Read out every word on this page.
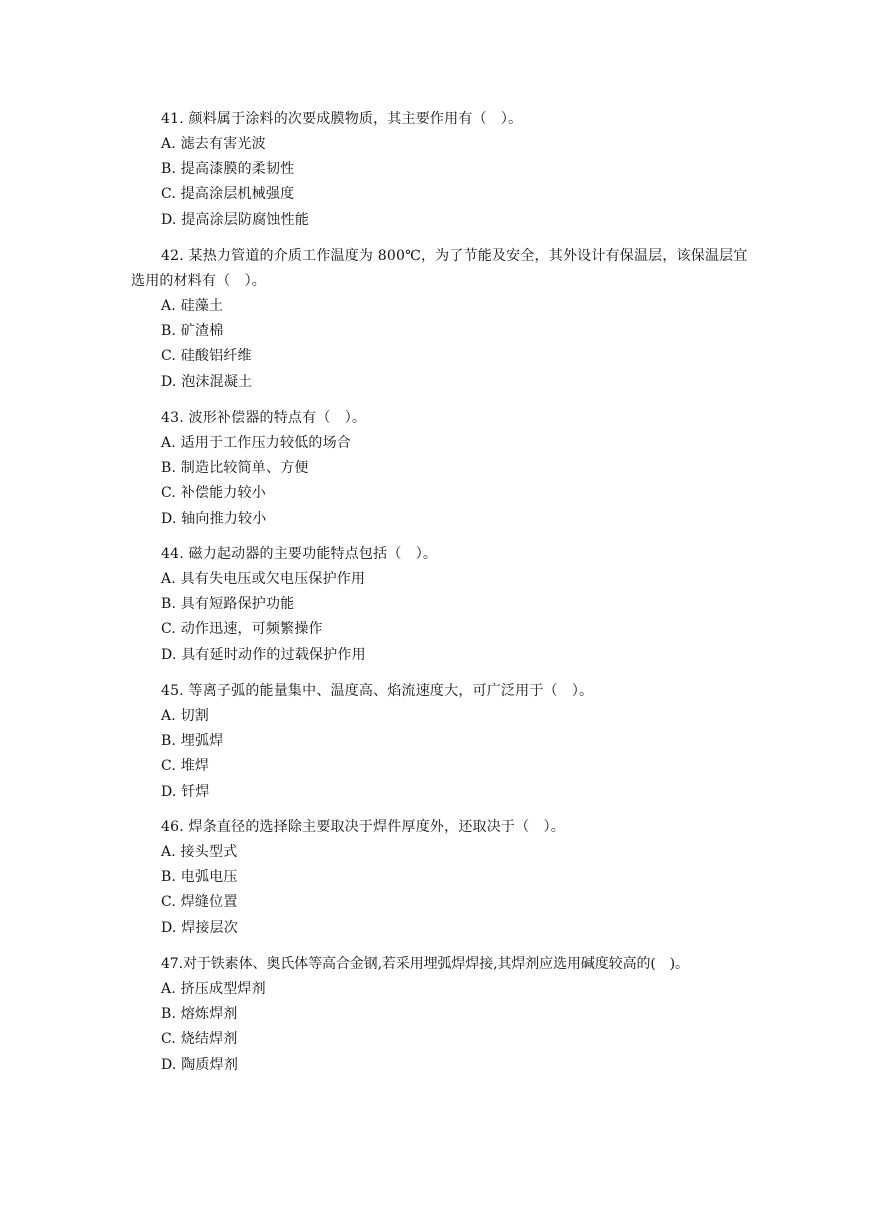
41. 颜料属于涂料的次要成膜物质，其主要作用有（　）。

A. 滤去有害光波

B. 提高漆膜的柔韧性

C. 提高涂层机械强度

D. 提高涂层防腐蚀性能

42. 某热力管道的介质工作温度为 800℃，为了节能及安全，其外设计有保温层，该保温层宜选用的材料有（　）。

A. 硅藻土

B. 矿渣棉

C. 硅酸铝纤维

D. 泡沫混凝土

43. 波形补偿器的特点有（　）。

A. 适用于工作压力较低的场合

B. 制造比较简单、方便

C. 补偿能力较小

D. 轴向推力较小

44. 磁力起动器的主要功能特点包括（　）。

A. 具有失电压或欠电压保护作用

B. 具有短路保护功能

C. 动作迅速，可频繁操作

D. 具有延时动作的过载保护作用

45. 等离子弧的能量集中、温度高、焰流速度大，可广泛用于（　）。

A. 切割

B. 埋弧焊

C. 堆焊

D. 钎焊

46. 焊条直径的选择除主要取决于焊件厚度外，还取决于（　）。

A. 接头型式

B. 电弧电压

C. 焊缝位置

D. 焊接层次

47.对于铁素体、奥氏体等高合金钢,若采用埋弧焊焊接,其焊剂应选用碱度较高的(　)。

A. 挤压成型焊剂

B. 熔炼焊剂

C. 烧结焊剂

D. 陶质焊剂
